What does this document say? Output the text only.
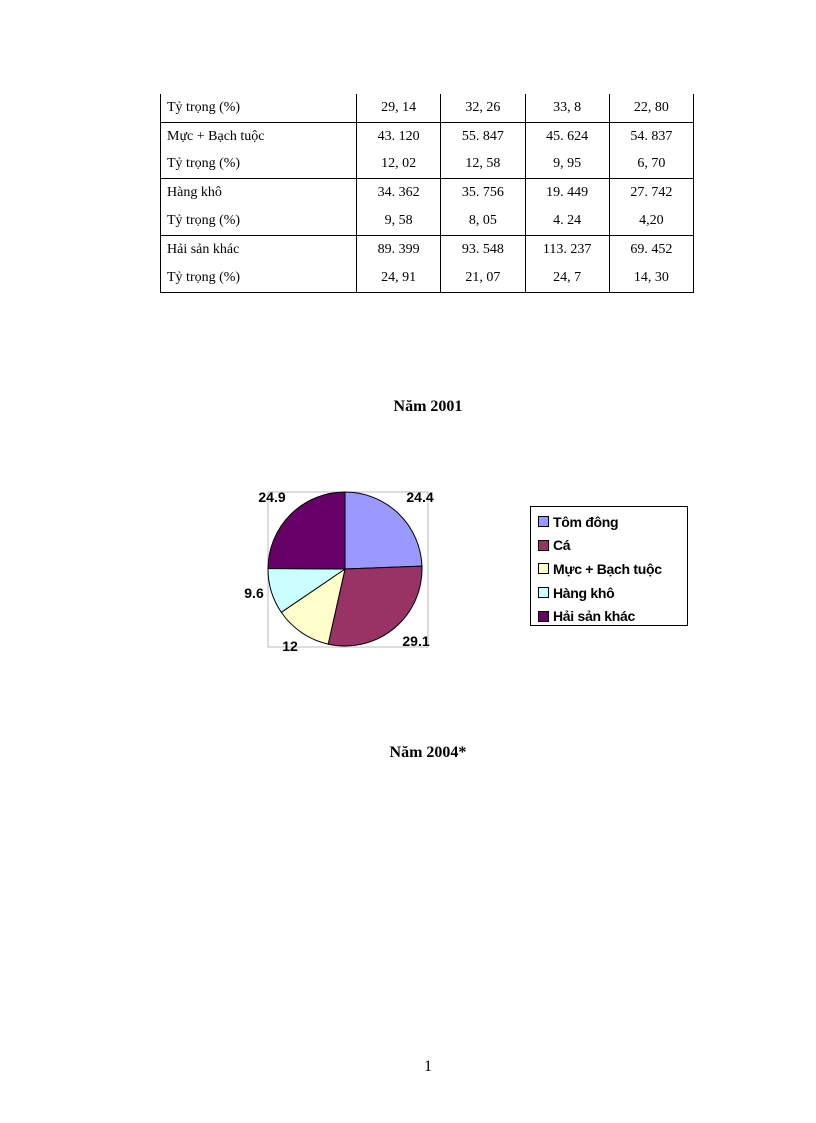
Tỷ trọng (%)	29, 14	32, 26	33, 8	22, 80
Mực + Bạch tuộc	43. 120	55. 847	45. 624	54. 837
Tỷ trọng (%)	12, 02	12, 58	9, 95	6, 70
Hàng khô	34. 362	35. 756	19. 449	27. 742
Tỷ trọng (%)	9, 58	8, 05	4. 24	4,20
Hải sản khác	89. 399	93. 548	113. 237	69. 452
Tỷ trọng (%)	24, 91	21, 07	24, 7	14, 30
Năm 2001
24.4
29.1
12
9.6
24.9
Tôm đông
Cá
Mực + Bạch tuộc
Hàng khô
Hải sản khác
Năm 2004*
1
